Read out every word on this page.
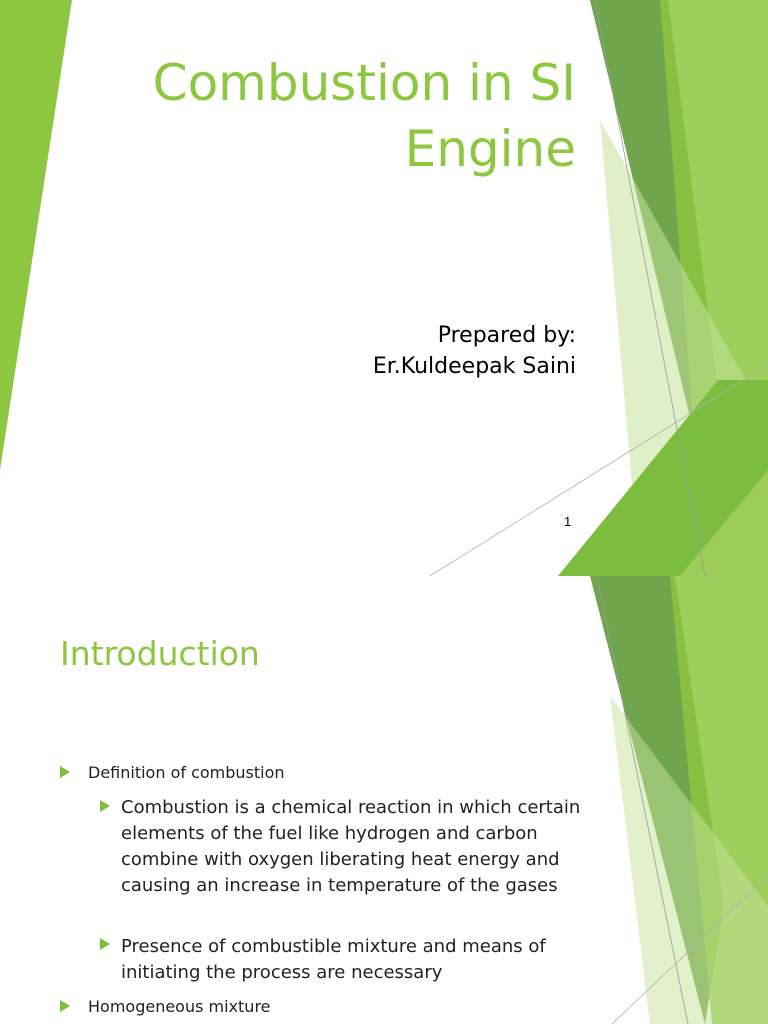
Combustion in SI
Engine
Prepared by:
Er.Kuldeepak Saini
1
Introduction
Definition of combustion
Combustion is a chemical reaction in which certain elements of the fuel like hydrogen and carbon combine with oxygen liberating heat energy and causing an increase in temperature of the gases
Presence of combustible mixture and means of initiating the process are necessary
Homogeneous mixture
